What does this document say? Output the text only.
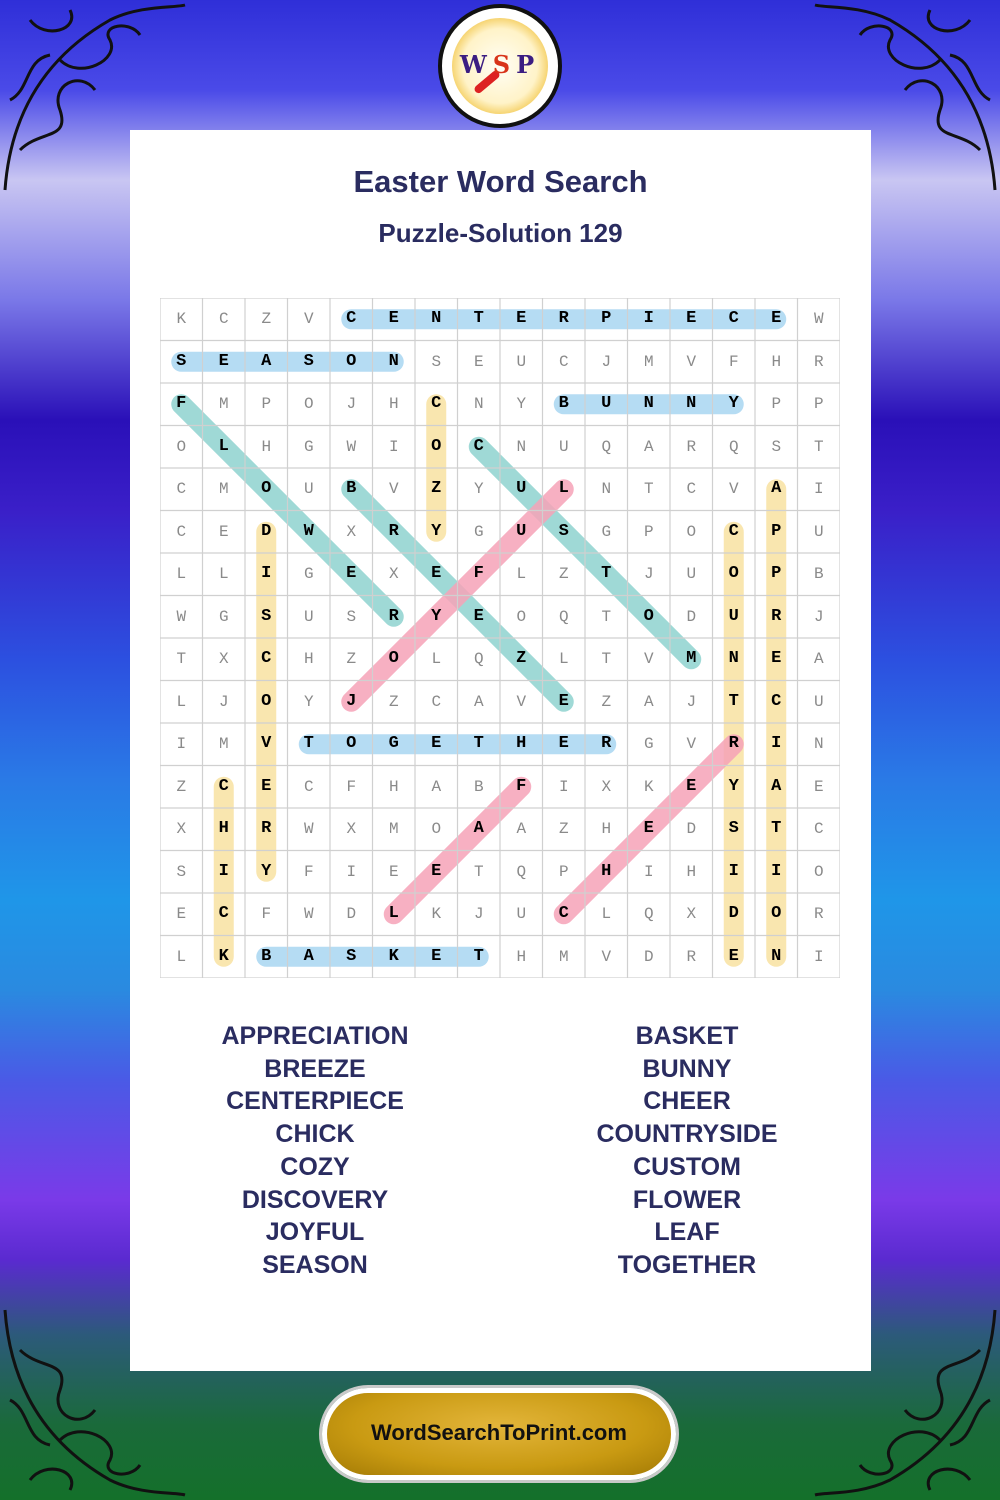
WSP
Easter Word Search
Puzzle-Solution 129
K	C	Z	V	C	E	N	T	E	R	P	I	E	C	E	W
S	E	A	S	O	N	S	E	U	C	J	M	V	F	H	R
F	M	P	O	J	H	C	N	Y	B	U	N	N	Y	P	P
O	L	H	G	W	I	O	C	N	U	Q	A	R	Q	S	T
C	M	O	U	B	V	Z	Y	U	L	N	T	C	V	A	I
C	E	D	W	X	R	Y	G	U	S	G	P	O	C	P	U
L	L	I	G	E	X	E	F	L	Z	T	J	U	O	P	B
W	G	S	U	S	R	Y	E	O	Q	T	O	D	U	R	J
T	X	C	H	Z	O	L	Q	Z	L	T	V	M	N	E	A
L	J	O	Y	J	Z	C	A	V	E	Z	A	J	T	C	U
I	M	V	T	O	G	E	T	H	E	R	G	V	R	I	N
Z	C	E	C	F	H	A	B	F	I	X	K	E	Y	A	E
X	H	R	W	X	M	O	A	A	Z	H	E	D	S	T	C
S	I	Y	F	I	E	E	T	Q	P	H	I	H	I	I	O
E	C	F	W	D	L	K	J	U	C	L	Q	X	D	O	R
L	K	B	A	S	K	E	T	H	M	V	D	R	E	N	I
APPRECIATION
BREEZE
CENTERPIECE
CHICK
COZY
DISCOVERY
JOYFUL
SEASON
BASKET
BUNNY
CHEER
COUNTRYSIDE
CUSTOM
FLOWER
LEAF
TOGETHER
WordSearchToPrint.com
